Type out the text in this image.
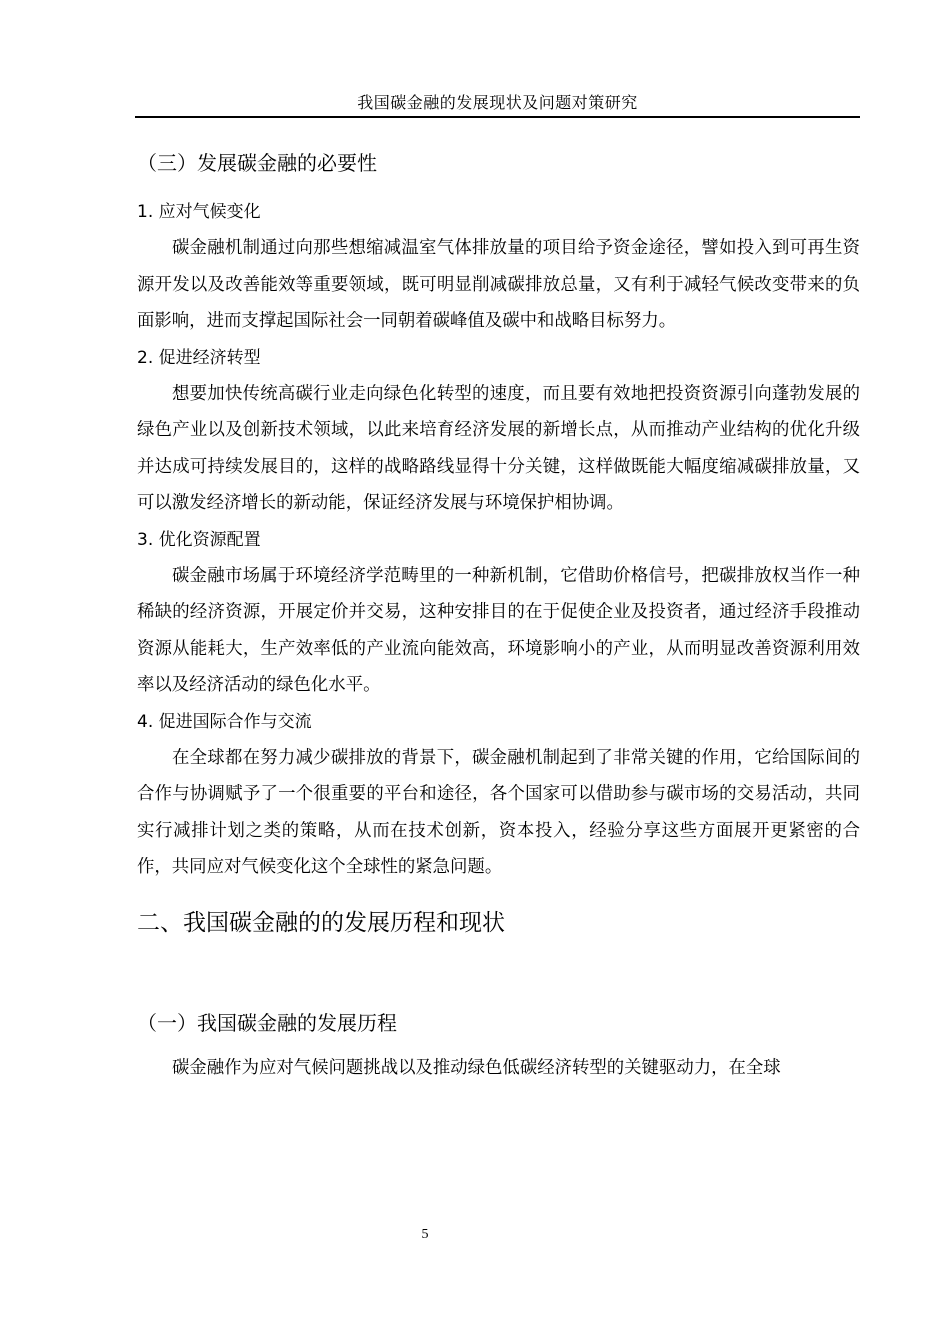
我国碳金融的发展现状及问题对策研究
（三）发展碳金融的必要性
1. 应对气候变化

碳金融机制通过向那些想缩减温室气体排放量的项目给予资金途径，譬如投入到可再生资源开发以及改善能效等重要领域，既可明显削减碳排放总量，又有利于减轻气候改变带来的负面影响，进而支撑起国际社会一同朝着碳峰值及碳中和战略目标努力。

2. 促进经济转型

想要加快传统高碳行业走向绿色化转型的速度，而且要有效地把投资资源引向蓬勃发展的绿色产业以及创新技术领域，以此来培育经济发展的新增长点，从而推动产业结构的优化升级并达成可持续发展目的，这样的战略路线显得十分关键，这样做既能大幅度缩减碳排放量，又可以激发经济增长的新动能，保证经济发展与环境保护相协调。

3. 优化资源配置

碳金融市场属于环境经济学范畴里的一种新机制，它借助价格信号，把碳排放权当作一种稀缺的经济资源，开展定价并交易，这种安排目的在于促使企业及投资者，通过经济手段推动资源从能耗大，生产效率低的产业流向能效高，环境影响小的产业，从而明显改善资源利用效率以及经济活动的绿色化水平。

4. 促进国际合作与交流

在全球都在努力减少碳排放的背景下，碳金融机制起到了非常关键的作用，它给国际间的合作与协调赋予了一个很重要的平台和途径，各个国家可以借助参与碳市场的交易活动，共同实行减排计划之类的策略，从而在技术创新，资本投入，经验分享这些方面展开更紧密的合作，共同应对气候变化这个全球性的紧急问题。

二、我国碳金融的的发展历程和现状
（一）我国碳金融的发展历程

碳金融作为应对气候问题挑战以及推动绿色低碳经济转型的关键驱动力，在全球

5
